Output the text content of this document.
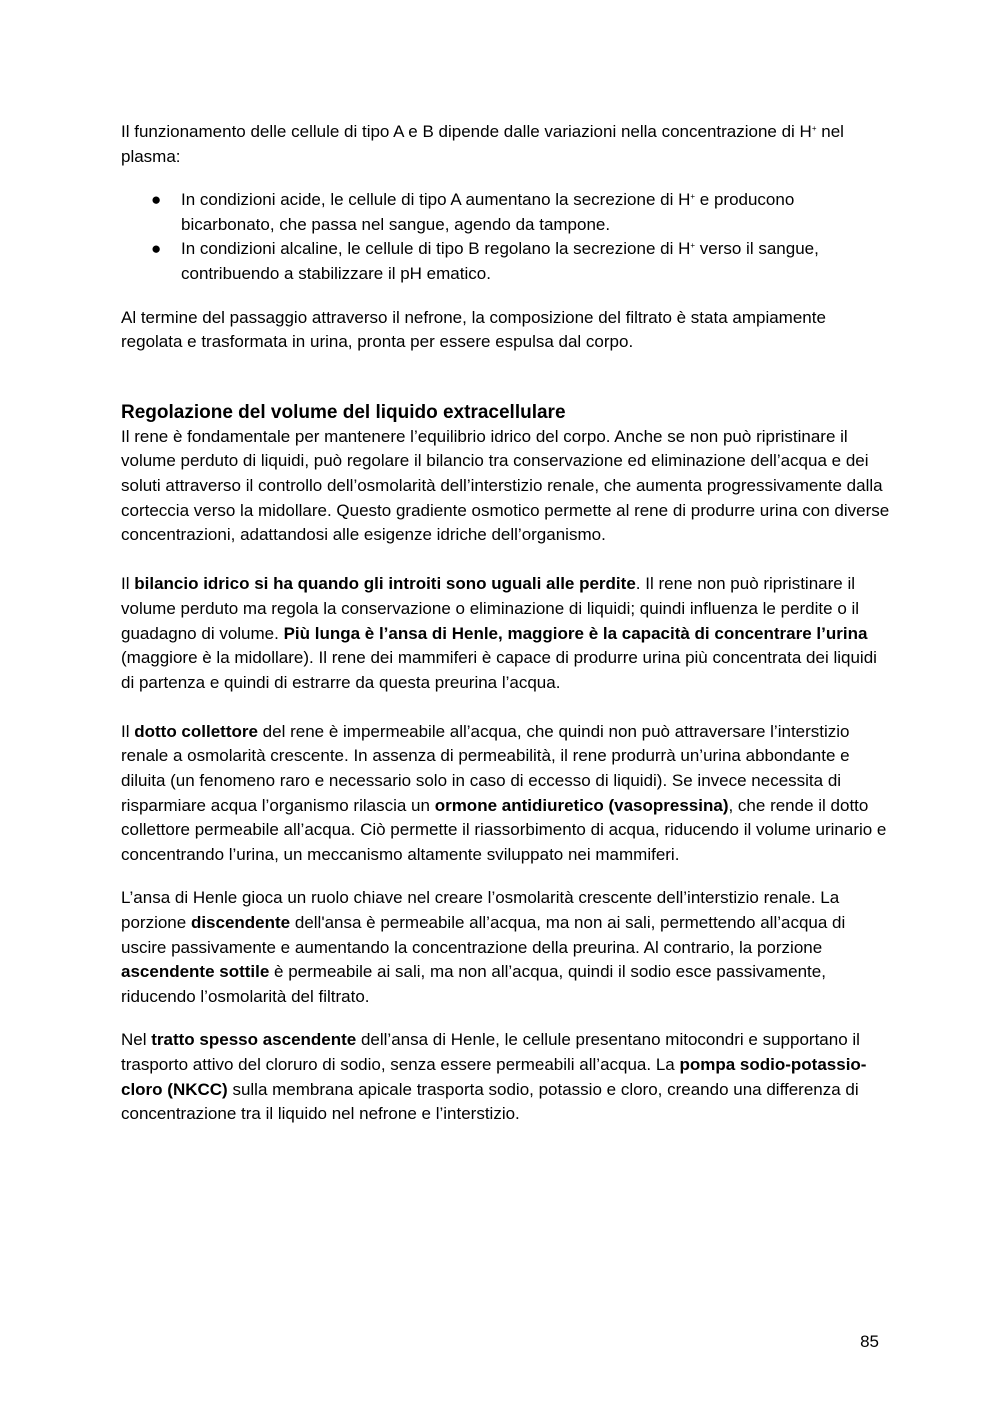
Il funzionamento delle cellule di tipo A e B dipende dalle variazioni nella concentrazione di H+ nel plasma:

● In condizioni acide, le cellule di tipo A aumentano la secrezione di H+ e producono bicarbonato, che passa nel sangue, agendo da tampone.
● In condizioni alcaline, le cellule di tipo B regolano la secrezione di H+ verso il sangue, contribuendo a stabilizzare il pH ematico.

Al termine del passaggio attraverso il nefrone, la composizione del filtrato è stata ampiamente regolata e trasformata in urina, pronta per essere espulsa dal corpo.

Regolazione del volume del liquido extracellulare

Il rene è fondamentale per mantenere l’equilibrio idrico del corpo. Anche se non può ripristinare il volume perduto di liquidi, può regolare il bilancio tra conservazione ed eliminazione dell’acqua e dei soluti attraverso il controllo dell’osmolarità dell’interstizio renale, che aumenta progressivamente dalla corteccia verso la midollare. Questo gradiente osmotico permette al rene di produrre urina con diverse concentrazioni, adattandosi alle esigenze idriche dell’organismo.

Il bilancio idrico si ha quando gli introiti sono uguali alle perdite. Il rene non può ripristinare il volume perduto ma regola la conservazione o eliminazione di liquidi; quindi influenza le perdite o il guadagno di volume. Più lunga è l’ansa di Henle, maggiore è la capacità di concentrare l’urina (maggiore è la midollare). Il rene dei mammiferi è capace di produrre urina più concentrata dei liquidi di partenza e quindi di estrarre da questa preurina l’acqua.

Il dotto collettore del rene è impermeabile all’acqua, che quindi non può attraversare l’interstizio renale a osmolarità crescente. In assenza di permeabilità, il rene produrrà un’urina abbondante e diluita (un fenomeno raro e necessario solo in caso di eccesso di liquidi). Se invece necessita di risparmiare acqua l’organismo rilascia un ormone antidiuretico (vasopressina), che rende il dotto collettore permeabile all’acqua. Ciò permette il riassorbimento di acqua, riducendo il volume urinario e concentrando l’urina, un meccanismo altamente sviluppato nei mammiferi.

L’ansa di Henle gioca un ruolo chiave nel creare l’osmolarità crescente dell’interstizio renale. La porzione discendente dell'ansa è permeabile all’acqua, ma non ai sali, permettendo all’acqua di uscire passivamente e aumentando la concentrazione della preurina. Al contrario, la porzione ascendente sottile è permeabile ai sali, ma non all’acqua, quindi il sodio esce passivamente, riducendo l’osmolarità del filtrato.

Nel tratto spesso ascendente dell’ansa di Henle, le cellule presentano mitocondri e supportano il trasporto attivo del cloruro di sodio, senza essere permeabili all’acqua. La pompa sodio-potassio-cloro (NKCC) sulla membrana apicale trasporta sodio, potassio e cloro, creando una differenza di concentrazione tra il liquido nel nefrone e l’interstizio.

85
